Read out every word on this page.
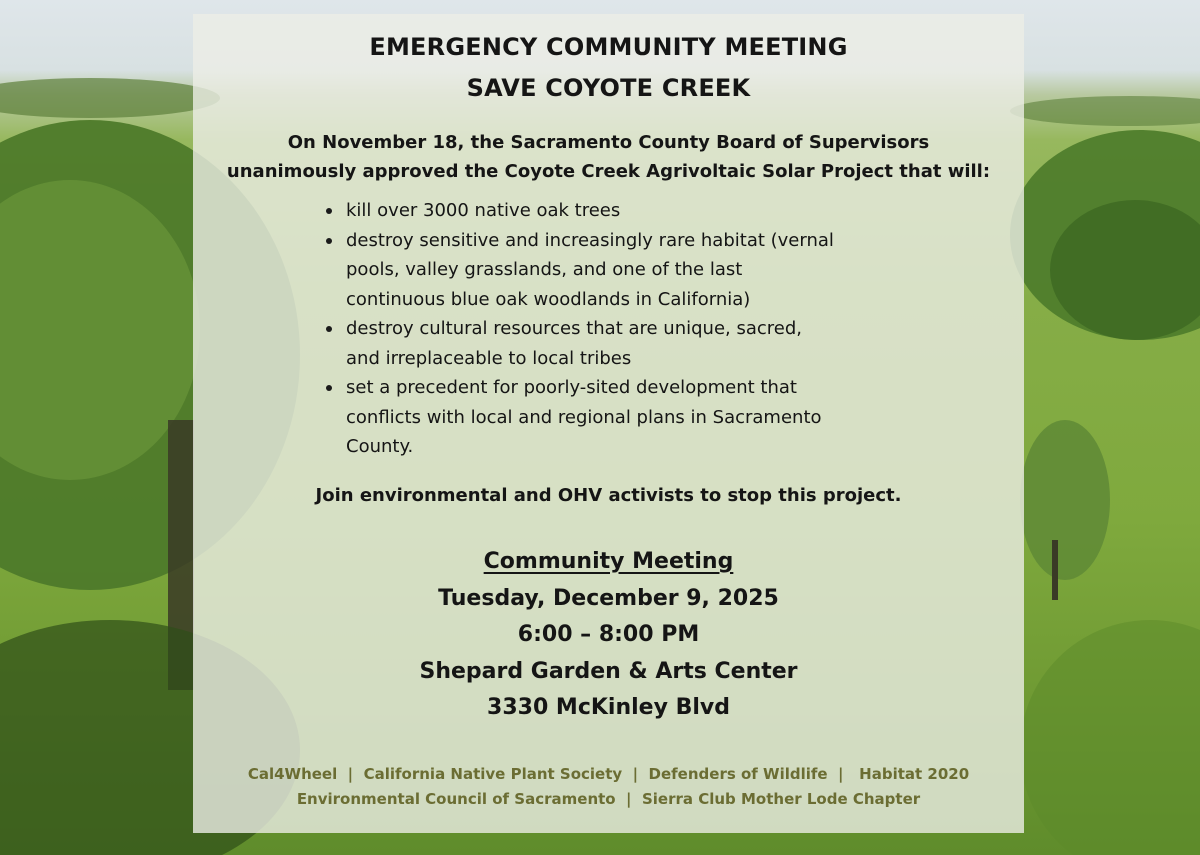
EMERGENCY COMMUNITY MEETING
SAVE COYOTE CREEK
On November 18, the Sacramento County Board of Supervisors
unanimously approved the Coyote Creek Agrivoltaic Solar Project that will:
kill over 3000 native oak trees
destroy sensitive and increasingly rare habitat (vernal
pools, valley grasslands, and one of the last
continuous blue oak woodlands in California)
destroy cultural resources that are unique, sacred,
and irreplaceable to local tribes
set a precedent for poorly-sited development that
conflicts with local and regional plans in Sacramento
County.
Join environmental and OHV activists to stop this project.
Community Meeting
Tuesday, December 9, 2025
6:00 – 8:00 PM
Shepard Garden & Arts Center
3330 McKinley Blvd
Cal4Wheel  |  California Native Plant Society  |  Defenders of Wildlife  |   Habitat 2020
Environmental Council of Sacramento  |  Sierra Club Mother Lode Chapter
